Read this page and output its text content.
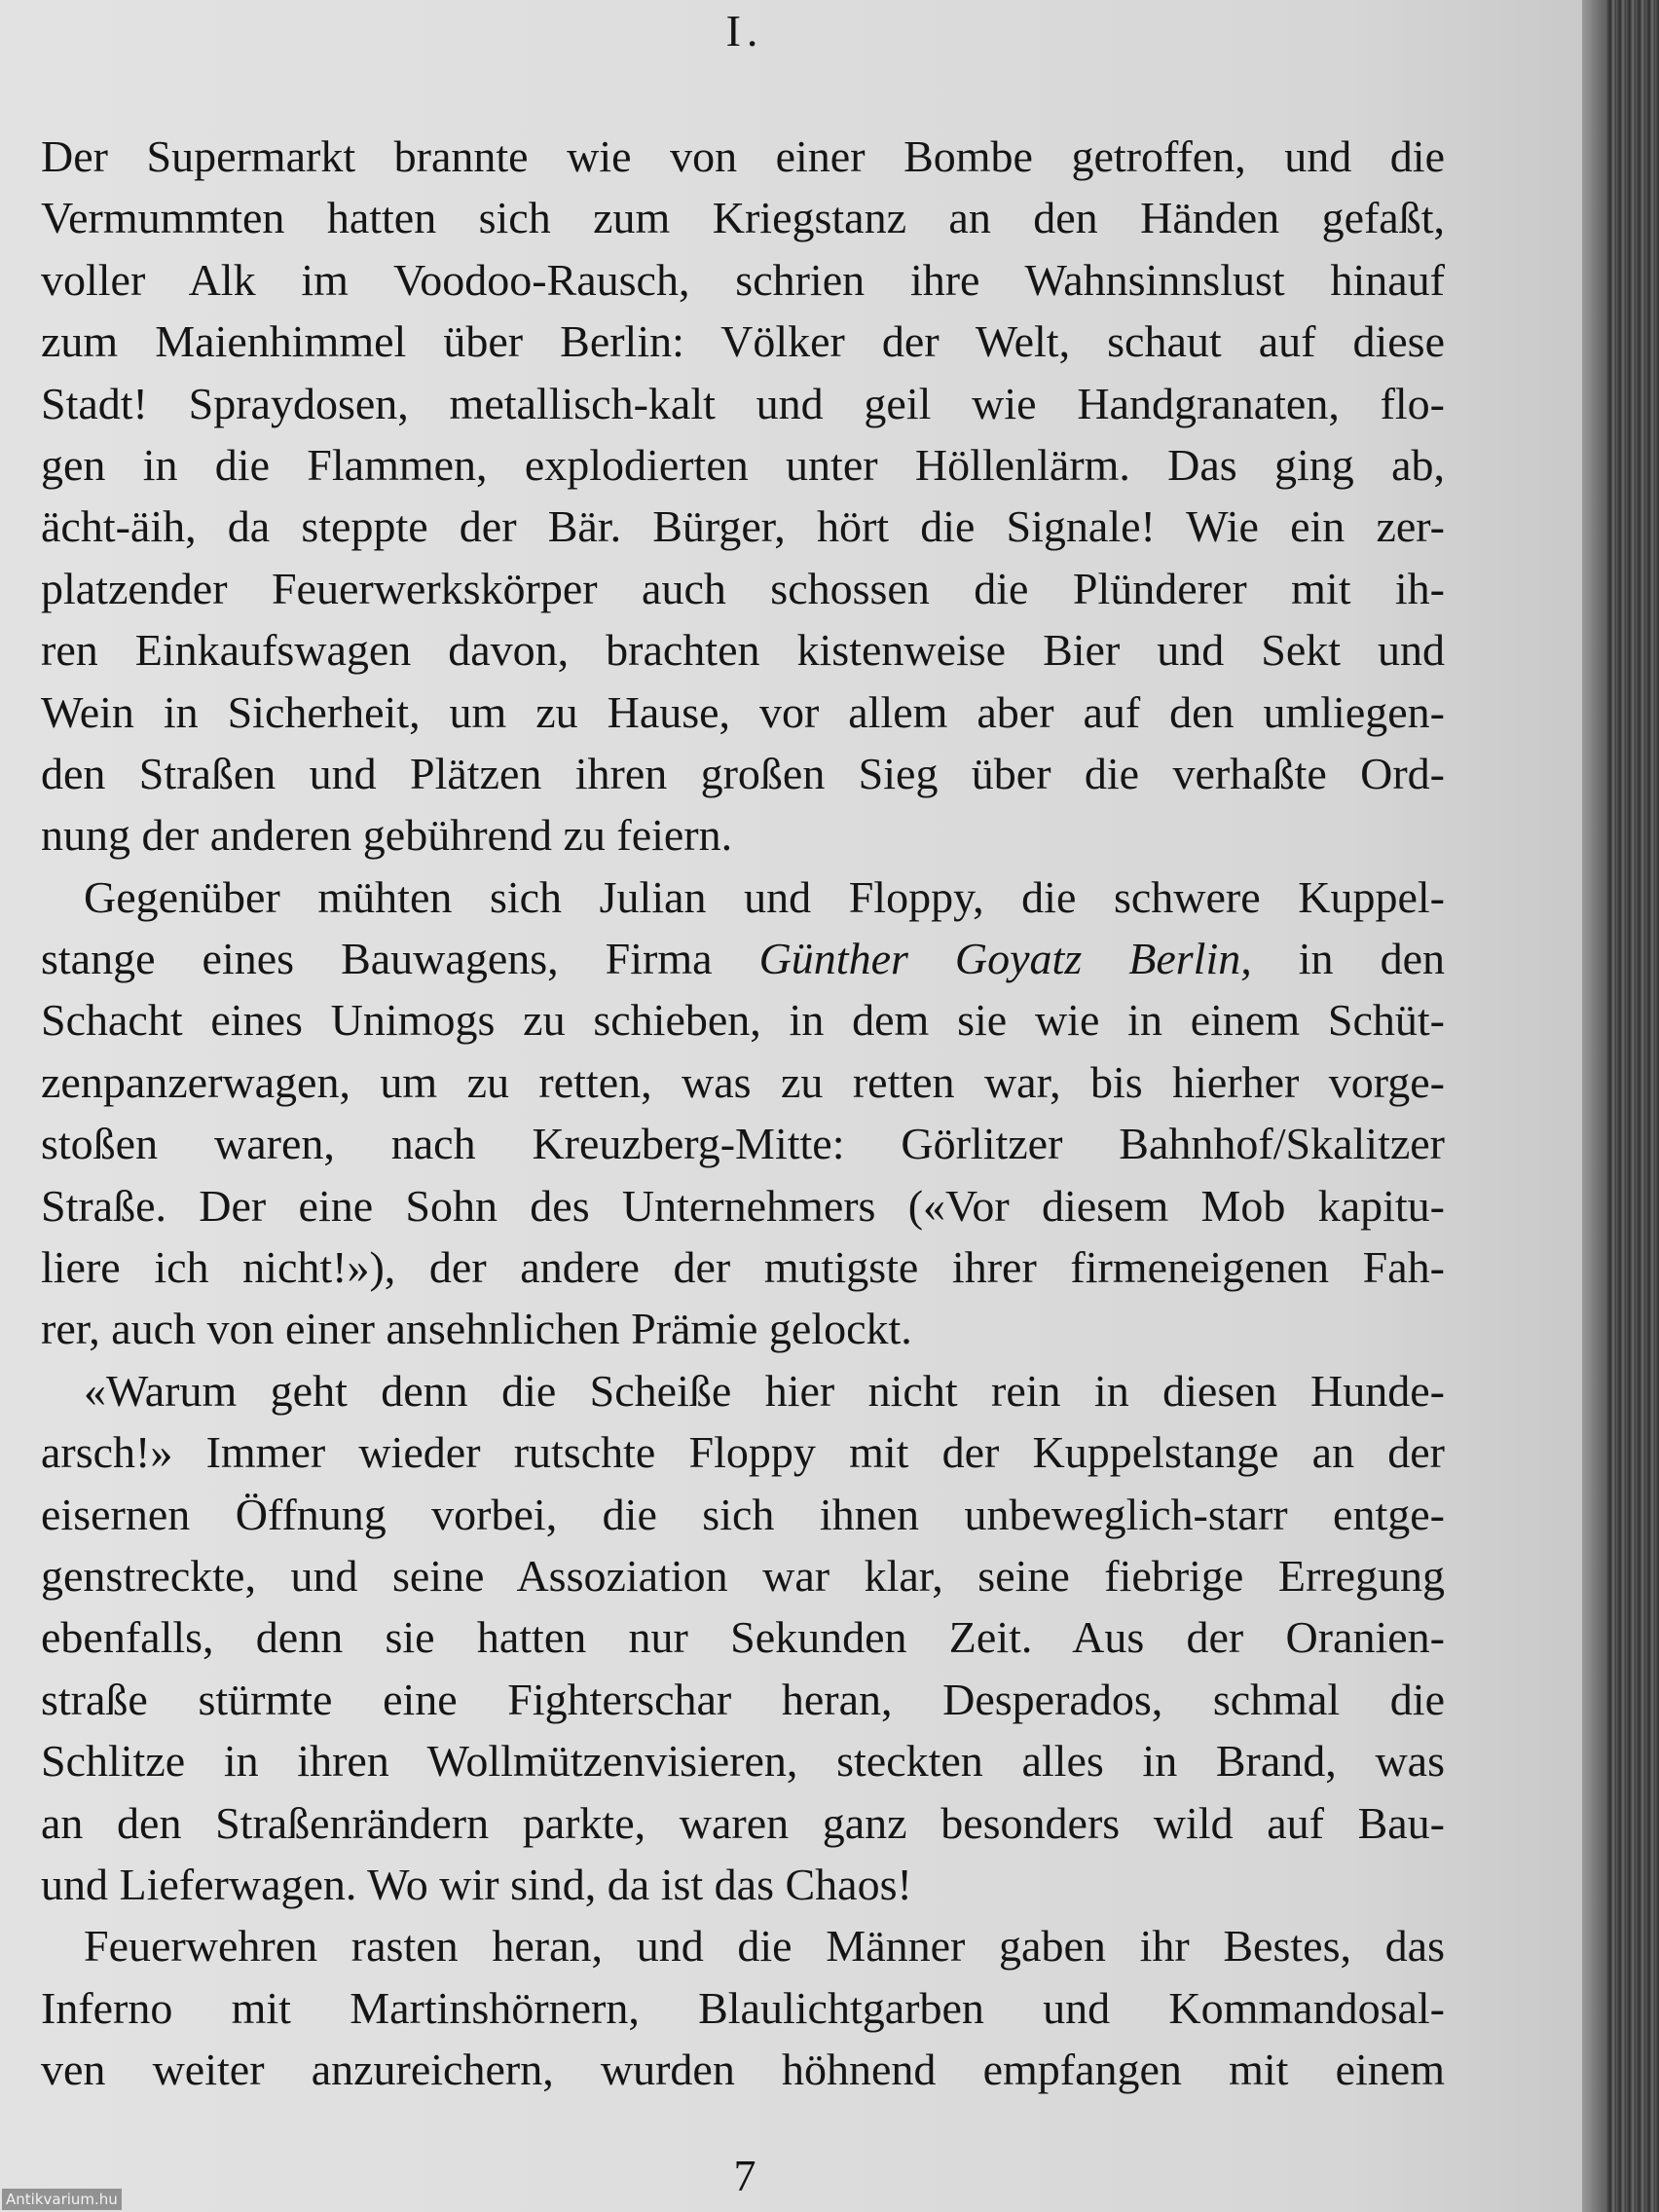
I.
Der Supermarkt brannte wie von einer Bombe getroffen, und die
Vermummten hatten sich zum Kriegstanz an den Händen gefaßt,
voller Alk im Voodoo-Rausch, schrien ihre Wahnsinnslust hinauf
zum Maienhimmel über Berlin: Völker der Welt, schaut auf diese
Stadt! Spraydosen, metallisch-kalt und geil wie Handgranaten, flo-
gen in die Flammen, explodierten unter Höllenlärm. Das ging ab,
ächt-äih, da steppte der Bär. Bürger, hört die Signale! Wie ein zer-
platzender Feuerwerkskörper auch schossen die Plünderer mit ih-
ren Einkaufswagen davon, brachten kistenweise Bier und Sekt und
Wein in Sicherheit, um zu Hause, vor allem aber auf den umliegen-
den Straßen und Plätzen ihren großen Sieg über die verhaßte Ord-
nung der anderen gebührend zu feiern.
Gegenüber mühten sich Julian und Floppy, die schwere Kuppel-
stange eines Bauwagens, Firma Günther Goyatz Berlin, in den
Schacht eines Unimogs zu schieben, in dem sie wie in einem Schüt-
zenpanzerwagen, um zu retten, was zu retten war, bis hierher vorge-
stoßen waren, nach Kreuzberg-Mitte: Görlitzer Bahnhof/Skalitzer
Straße. Der eine Sohn des Unternehmers («Vor diesem Mob kapitu-
liere ich nicht!»), der andere der mutigste ihrer firmeneigenen Fah-
rer, auch von einer ansehnlichen Prämie gelockt.
«Warum geht denn die Scheiße hier nicht rein in diesen Hunde-
arsch!» Immer wieder rutschte Floppy mit der Kuppelstange an der
eisernen Öffnung vorbei, die sich ihnen unbeweglich-starr entge-
genstreckte, und seine Assoziation war klar, seine fiebrige Erregung
ebenfalls, denn sie hatten nur Sekunden Zeit. Aus der Oranien-
straße stürmte eine Fighterschar heran, Desperados, schmal die
Schlitze in ihren Wollmützenvisieren, steckten alles in Brand, was
an den Straßenrändern parkte, waren ganz besonders wild auf Bau-
und Lieferwagen. Wo wir sind, da ist das Chaos!
Feuerwehren rasten heran, und die Männer gaben ihr Bestes, das
Inferno mit Martinshörnern, Blaulichtgarben und Kommandosal-
ven weiter anzureichern, wurden höhnend empfangen mit einem
7
Antikvarium.hu
